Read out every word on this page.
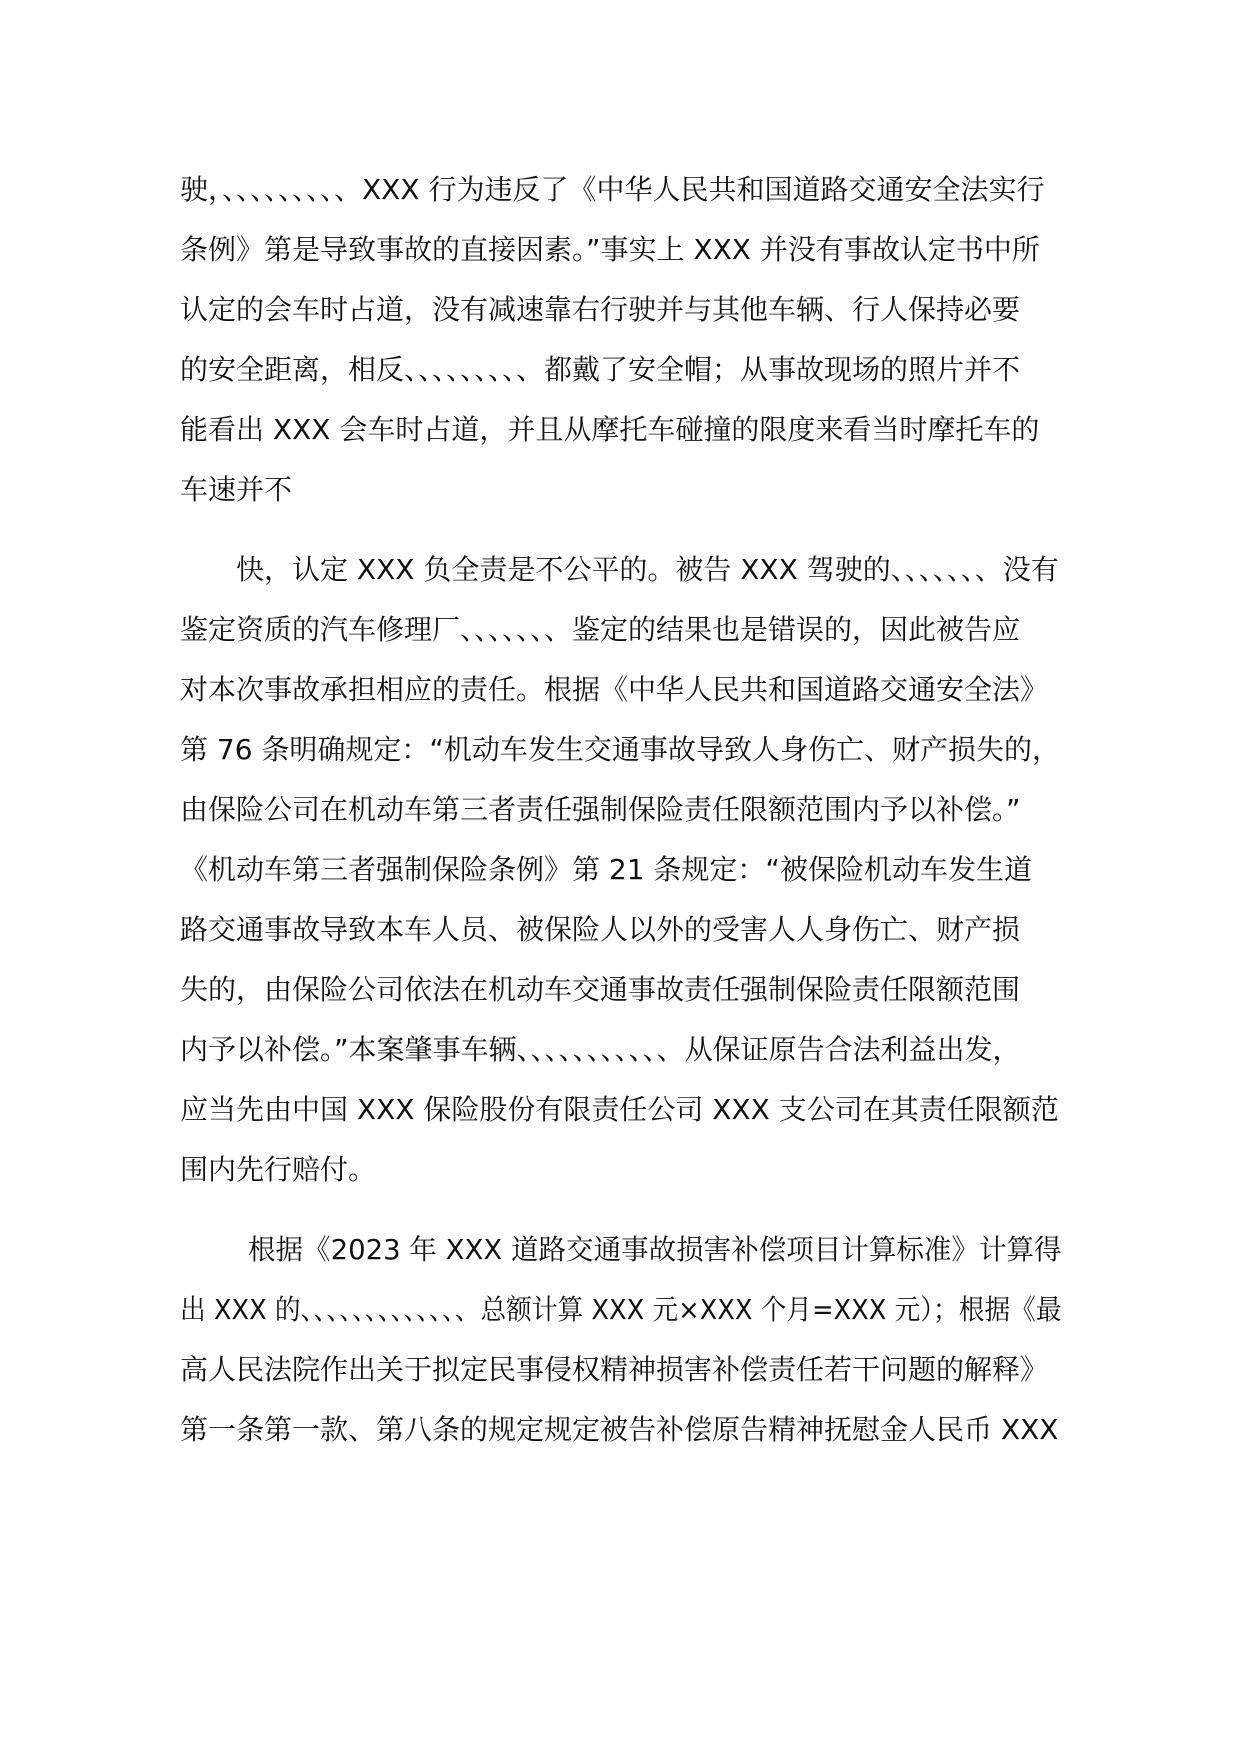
驶，、、、、、、、、、XXX 行为违反了《中华人民共和国道路交通安全法实行
条例》第是导致事故的直接因素。”事实上 XXX 并没有事故认定书中所
认定的会车时占道，没有减速靠右行驶并与其他车辆、行人保持必要
的安全距离，相反、、、、、、、、、都戴了安全帽；从事故现场的照片并不
能看出 XXX 会车时占道，并且从摩托车碰撞的限度来看当时摩托车的
车速并不
快，认定 XXX 负全责是不公平的。被告 XXX 驾驶的、、、、、、、没有
鉴定资质的汽车修理厂、、、、、、、鉴定的结果也是错误的，因此被告应
对本次事故承担相应的责任。根据《中华人民共和国道路交通安全法》
第 76 条明确规定：“机动车发生交通事故导致人身伤亡、财产损失的，
由保险公司在机动车第三者责任强制保险责任限额范围内予以补偿。”
《机动车第三者强制保险条例》第 21 条规定：“被保险机动车发生道
路交通事故导致本车人员、被保险人以外的受害人人身伤亡、财产损
失的，由保险公司依法在机动车交通事故责任强制保险责任限额范围
内予以补偿。”本案肇事车辆、、、、、、、、、、、从保证原告合法利益出发，
应当先由中国 XXX 保险股份有限责任公司 XXX 支公司在其责任限额范
围内先行赔付。
根据《2023 年 XXX 道路交通事故损害补偿项目计算标准》计算得
出 XXX 的、、、、、、、、、、、、、总额计算 XXX 元×XXX 个月=XXX 元）；根据《最
高人民法院作出关于拟定民事侵权精神损害补偿责任若干问题的解释》
第一条第一款、第八条的规定规定被告补偿原告精神抚慰金人民币 XXX
